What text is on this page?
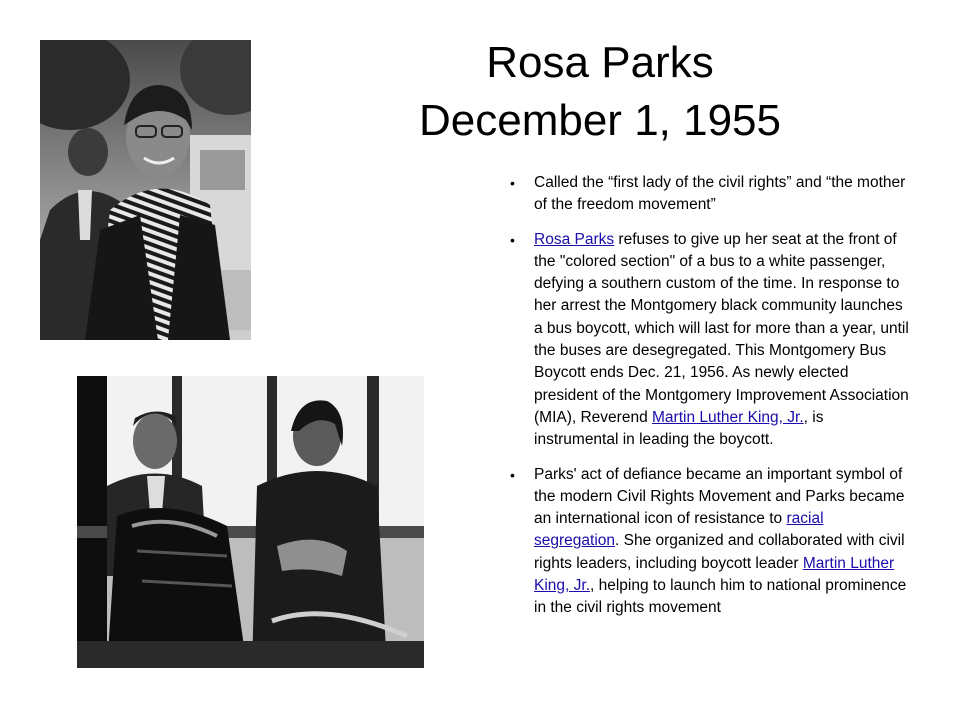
Rosa Parks
December 1, 1955
• Called the “first lady of the civil rights” and “the mother of the freedom movement”
• Rosa Parks refuses to give up her seat at the front of the "colored section" of a bus to a white passenger, defying a southern custom of the time. In response to her arrest the Montgomery black community launches a bus boycott, which will last for more than a year, until the buses are desegregated. This Montgomery Bus Boycott ends Dec. 21, 1956. As newly elected president of the Montgomery Improvement Association (MIA), Reverend Martin Luther King, Jr., is instrumental in leading the boycott.
• Parks' act of defiance became an important symbol of the modern Civil Rights Movement and Parks became an international icon of resistance to racial segregation. She organized and collaborated with civil rights leaders, including boycott leader Martin Luther King, Jr., helping to launch him to national prominence in the civil rights movement
